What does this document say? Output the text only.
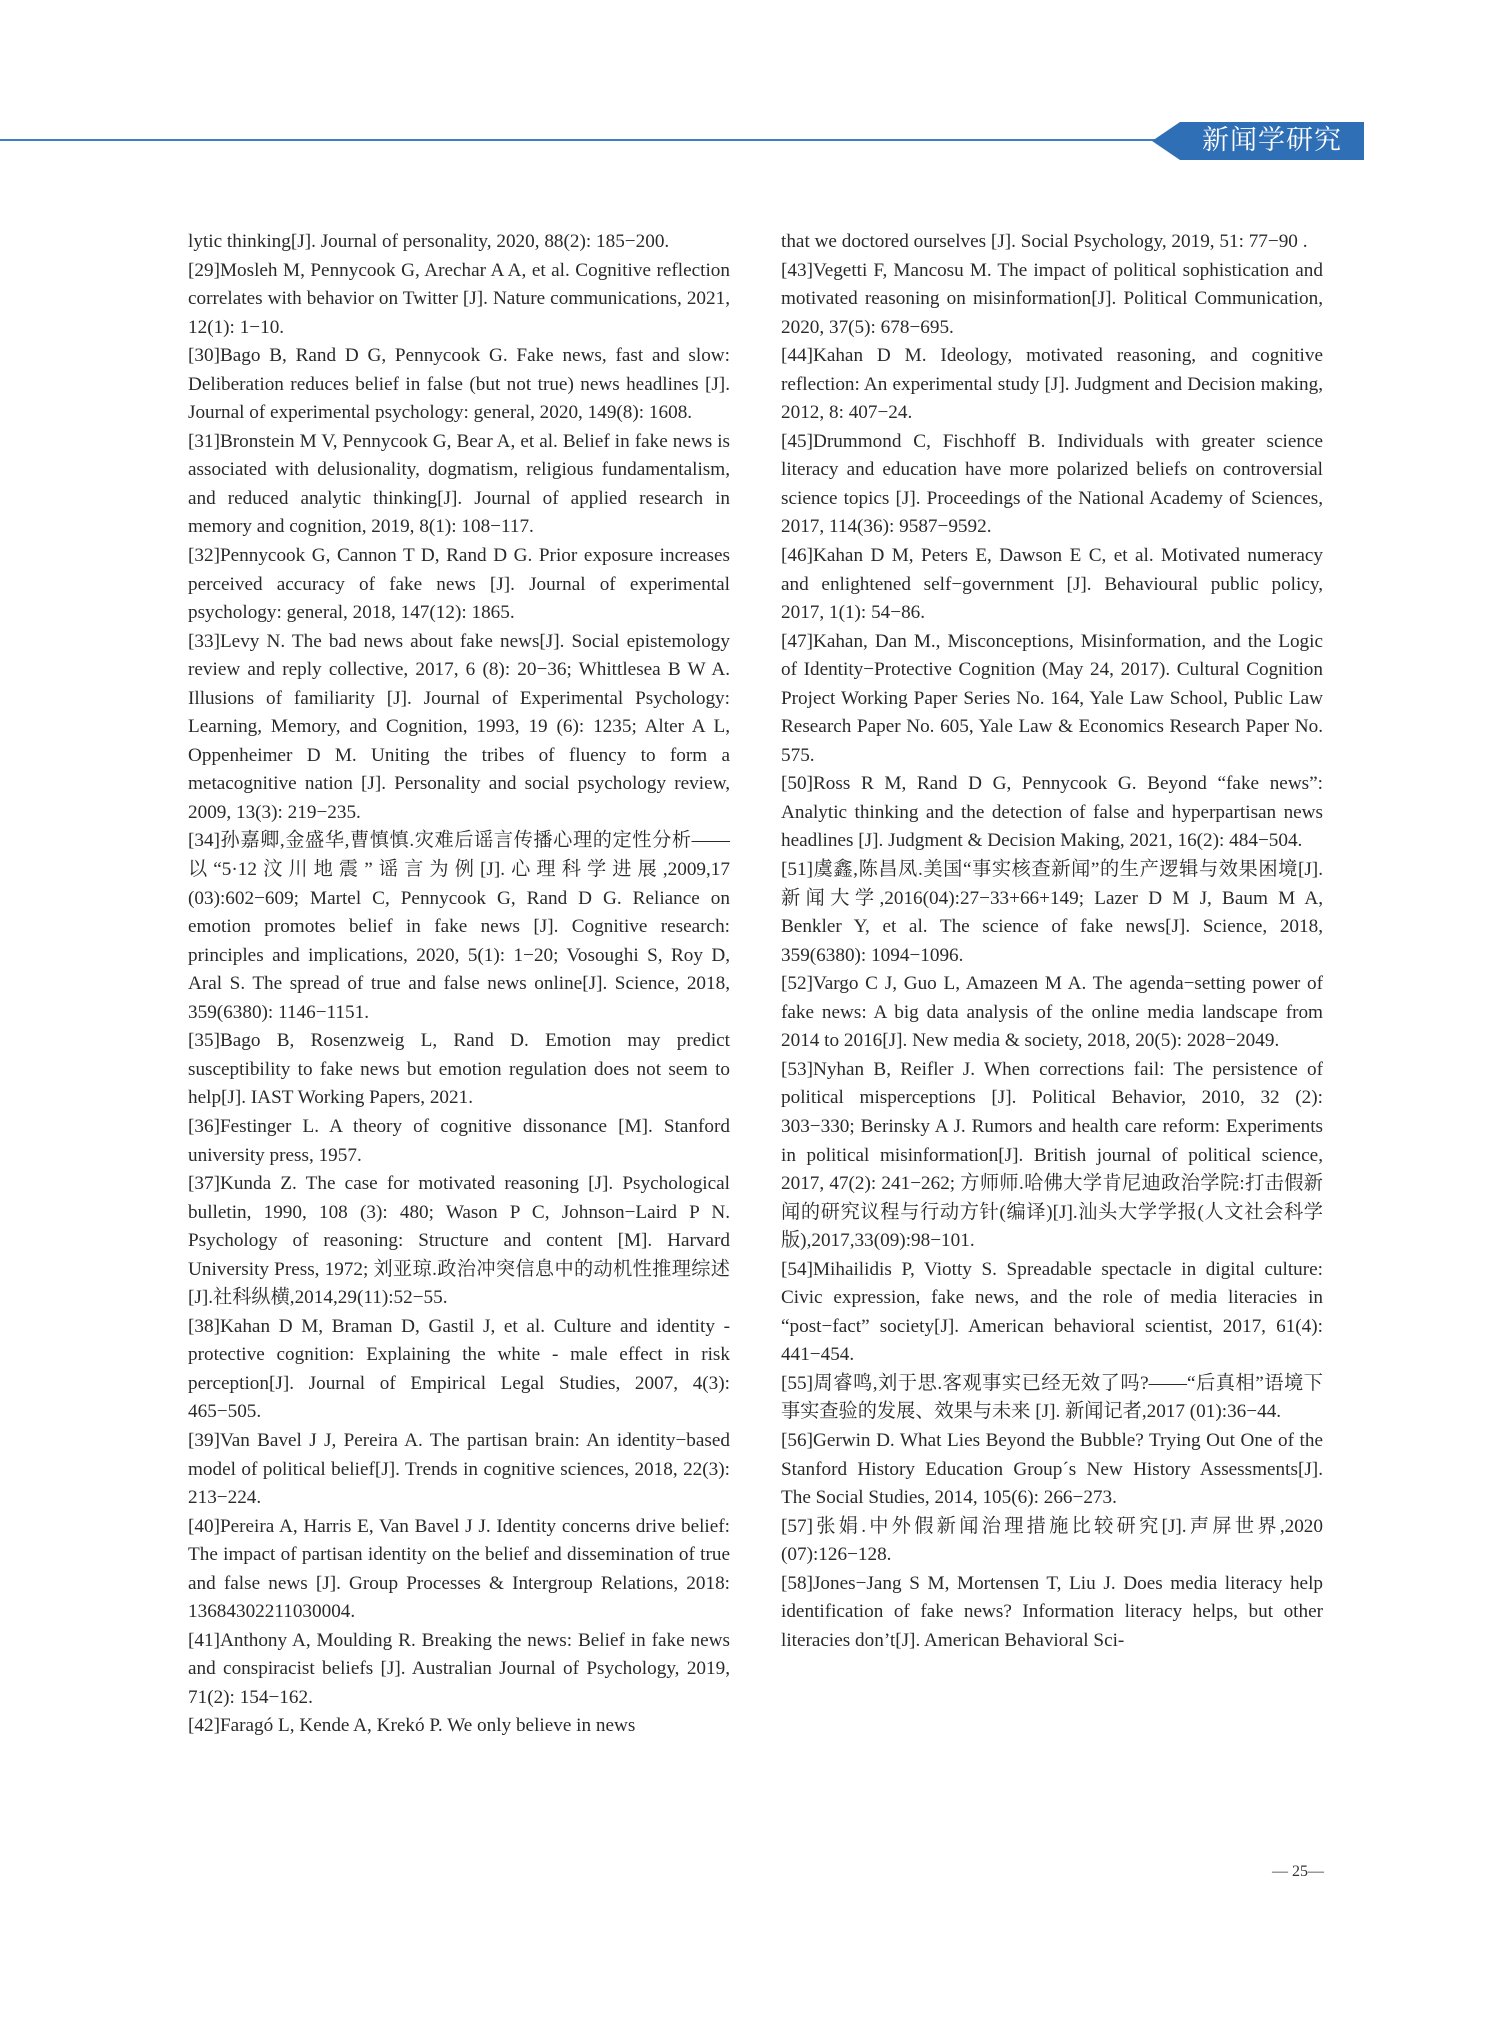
新闻学研究

lytic thinking[J]. Journal of personality, 2020, 88(2): 185−200.

[29]Mosleh M, Pennycook G, Arechar A A, et al. Cognitive reflection correlates with behavior on Twitter [J]. Nature communications, 2021, 12(1): 1−10.

[30]Bago B, Rand D G, Pennycook G. Fake news, fast and slow: Deliberation reduces belief in false (but not true) news headlines [J]. Journal of experimental psychology: general, 2020, 149(8): 1608.

[31]Bronstein M V, Pennycook G, Bear A, et al. Belief in fake news is associated with delusionality, dogmatism, religious fundamentalism, and reduced analytic thinking[J]. Journal of applied research in memory and cognition, 2019, 8(1): 108−117.

[32]Pennycook G, Cannon T D, Rand D G. Prior exposure increases perceived accuracy of fake news [J]. Journal of experimental psychology: general, 2018, 147(12): 1865.

[33]Levy N. The bad news about fake news[J]. Social epistemology review and reply collective, 2017, 6 (8): 20−36; Whittlesea B W A. Illusions of familiarity [J]. Journal of Experimental Psychology: Learning, Memory, and Cognition, 1993, 19 (6): 1235; Alter A L, Oppenheimer D M. Uniting the tribes of fluency to form a metacognitive nation [J]. Personality and social psychology review, 2009, 13(3): 219−235.

[34]孙嘉卿,金盛华,曹慎慎.灾难后谣言传播心理的定性分析——以“5·12汶川地震”谣言为例[J].心理科学进展,2009,17 (03):602−609; Martel C, Pennycook G, Rand D G. Reliance on emotion promotes belief in fake news [J]. Cognitive research: principles and implications, 2020, 5(1): 1−20; Vosoughi S, Roy D, Aral S. The spread of true and false news online[J]. Science, 2018, 359(6380): 1146−1151.

[35]Bago B, Rosenzweig L, Rand D. Emotion may predict susceptibility to fake news but emotion regulation does not seem to help[J]. IAST Working Papers, 2021.

[36]Festinger L. A theory of cognitive dissonance [M]. Stanford university press, 1957.

[37]Kunda Z. The case for motivated reasoning [J]. Psychological bulletin, 1990, 108 (3): 480; Wason P C, Johnson−Laird P N. Psychology of reasoning: Structure and content [M]. Harvard University Press, 1972; 刘亚琼.政治冲突信息中的动机性推理综述[J].社科纵横,2014,29(11):52−55.

[38]Kahan D M, Braman D, Gastil J, et al. Culture and identity - protective cognition: Explaining the white - male effect in risk perception[J]. Journal of Empirical Legal Studies, 2007, 4(3): 465−505.

[39]Van Bavel J J, Pereira A. The partisan brain: An identity−based model of political belief[J]. Trends in cognitive sciences, 2018, 22(3): 213−224.

[40]Pereira A, Harris E, Van Bavel J J. Identity concerns drive belief: The impact of partisan identity on the belief and dissemination of true and false news [J]. Group Processes & Intergroup Relations, 2018: 13684302211030004.

[41]Anthony A, Moulding R. Breaking the news: Belief in fake news and conspiracist beliefs [J]. Australian Journal of Psychology, 2019, 71(2): 154−162.

[42]Faragó L, Kende A, Krekó P. We only believe in news

that we doctored ourselves [J]. Social Psychology, 2019, 51: 77−90 .

[43]Vegetti F, Mancosu M. The impact of political sophistication and motivated reasoning on misinformation[J]. Political Communication, 2020, 37(5): 678−695.

[44]Kahan D M. Ideology, motivated reasoning, and cognitive reflection: An experimental study [J]. Judgment and Decision making, 2012, 8: 407−24.

[45]Drummond C, Fischhoff B. Individuals with greater science literacy and education have more polarized beliefs on controversial science topics [J]. Proceedings of the National Academy of Sciences, 2017, 114(36): 9587−9592.

[46]Kahan D M, Peters E, Dawson E C, et al. Motivated numeracy and enlightened self−government [J]. Behavioural public policy, 2017, 1(1): 54−86.

[47]Kahan, Dan M., Misconceptions, Misinformation, and the Logic of Identity−Protective Cognition (May 24, 2017). Cultural Cognition Project Working Paper Series No. 164, Yale Law School, Public Law Research Paper No. 605, Yale Law & Economics Research Paper No. 575.

[50]Ross R M, Rand D G, Pennycook G. Beyond “fake news”: Analytic thinking and the detection of false and hyperpartisan news headlines [J]. Judgment & Decision Making, 2021, 16(2): 484−504.

[51]虞鑫,陈昌凤.美国“事实核查新闻”的生产逻辑与效果困境[J].新闻大学,2016(04):27−33+66+149; Lazer D M J, Baum M A, Benkler Y, et al. The science of fake news[J]. Science, 2018, 359(6380): 1094−1096.

[52]Vargo C J, Guo L, Amazeen M A. The agenda−setting power of fake news: A big data analysis of the online media landscape from 2014 to 2016[J]. New media & society, 2018, 20(5): 2028−2049.

[53]Nyhan B, Reifler J. When corrections fail: The persistence of political misperceptions [J]. Political Behavior, 2010, 32 (2): 303−330; Berinsky A J. Rumors and health care reform: Experiments in political misinformation[J]. British journal of political science, 2017, 47(2): 241−262; 方师师.哈佛大学肯尼迪政治学院:打击假新闻的研究议程与行动方针(编译)[J].汕头大学学报(人文社会科学版),2017,33(09):98−101.

[54]Mihailidis P, Viotty S. Spreadable spectacle in digital culture: Civic expression, fake news, and the role of media literacies in “post−fact” society[J]. American behavioral scientist, 2017, 61(4): 441−454.

[55]周睿鸣,刘于思.客观事实已经无效了吗?——“后真相”语境下事实查验的发展、效果与未来 [J]. 新闻记者,2017 (01):36−44.

[56]Gerwin D. What Lies Beyond the Bubble? Trying Out One of the Stanford History Education Group´s New History Assessments[J]. The Social Studies, 2014, 105(6): 266−273.

[57]张娟.中外假新闻治理措施比较研究[J].声屏世界,2020 (07):126−128.

[58]Jones−Jang S M, Mortensen T, Liu J. Does media literacy help identification of fake news? Information literacy helps, but other literacies don’t[J]. American Behavioral Sci-

— 25—
